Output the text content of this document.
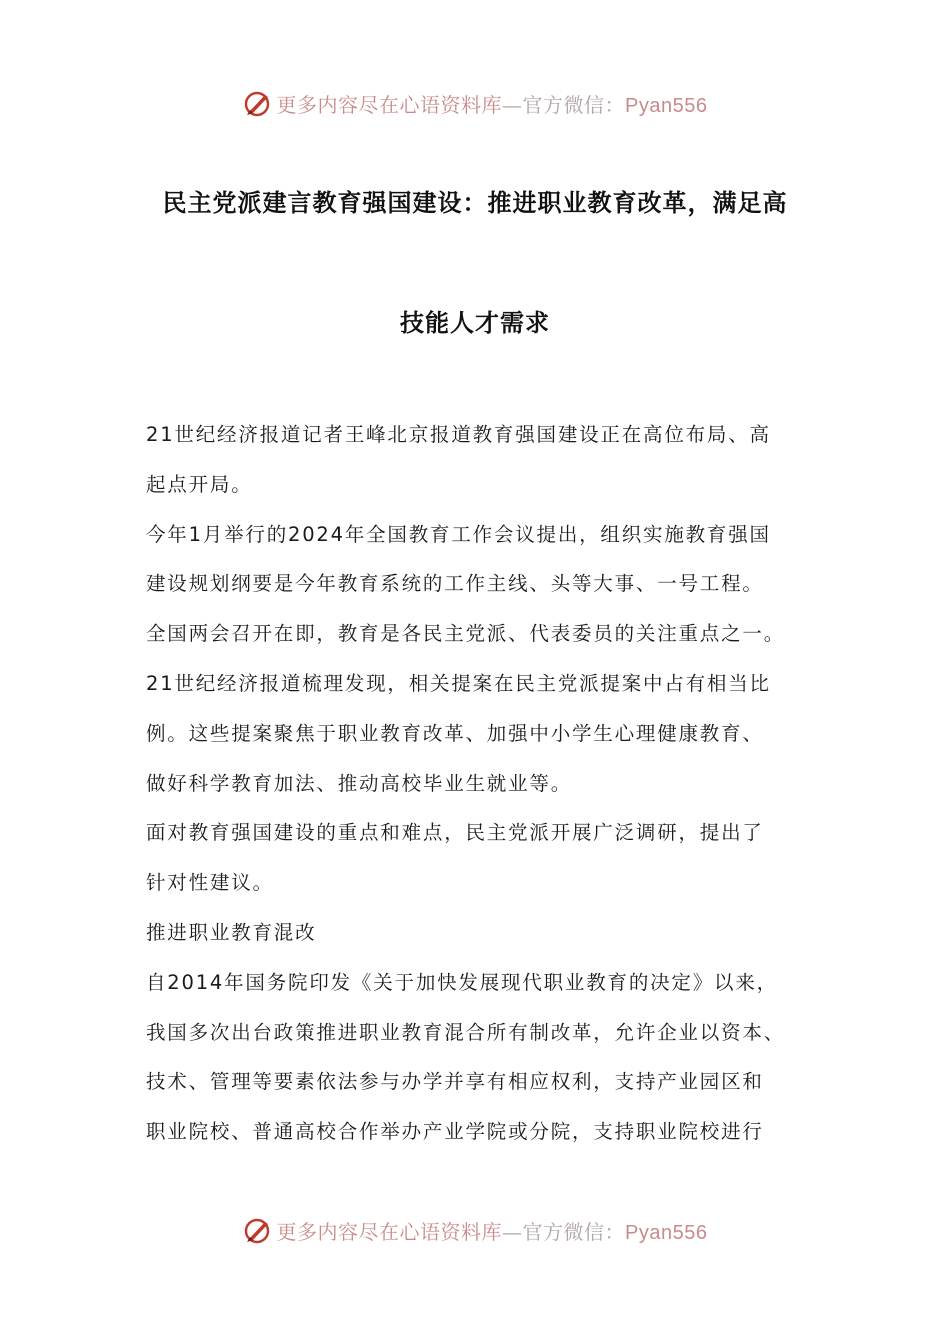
更多内容尽在心语资料库—官方微信：Pyan556
民主党派建言教育强国建设：推进职业教育改革，满足高
技能人才需求
21世纪经济报道记者王峰北京报道教育强国建设正在高位布局、高
起点开局。
今年1月举行的2024年全国教育工作会议提出，组织实施教育强国
建设规划纲要是今年教育系统的工作主线、头等大事、一号工程。
全国两会召开在即，教育是各民主党派、代表委员的关注重点之一。
21世纪经济报道梳理发现，相关提案在民主党派提案中占有相当比
例。这些提案聚焦于职业教育改革、加强中小学生心理健康教育、
做好科学教育加法、推动高校毕业生就业等。
面对教育强国建设的重点和难点，民主党派开展广泛调研，提出了
针对性建议。
推进职业教育混改
自2014年国务院印发《关于加快发展现代职业教育的决定》以来，
我国多次出台政策推进职业教育混合所有制改革，允许企业以资本、
技术、管理等要素依法参与办学并享有相应权利，支持产业园区和
职业院校、普通高校合作举办产业学院或分院，支持职业院校进行
更多内容尽在心语资料库—官方微信：Pyan556
